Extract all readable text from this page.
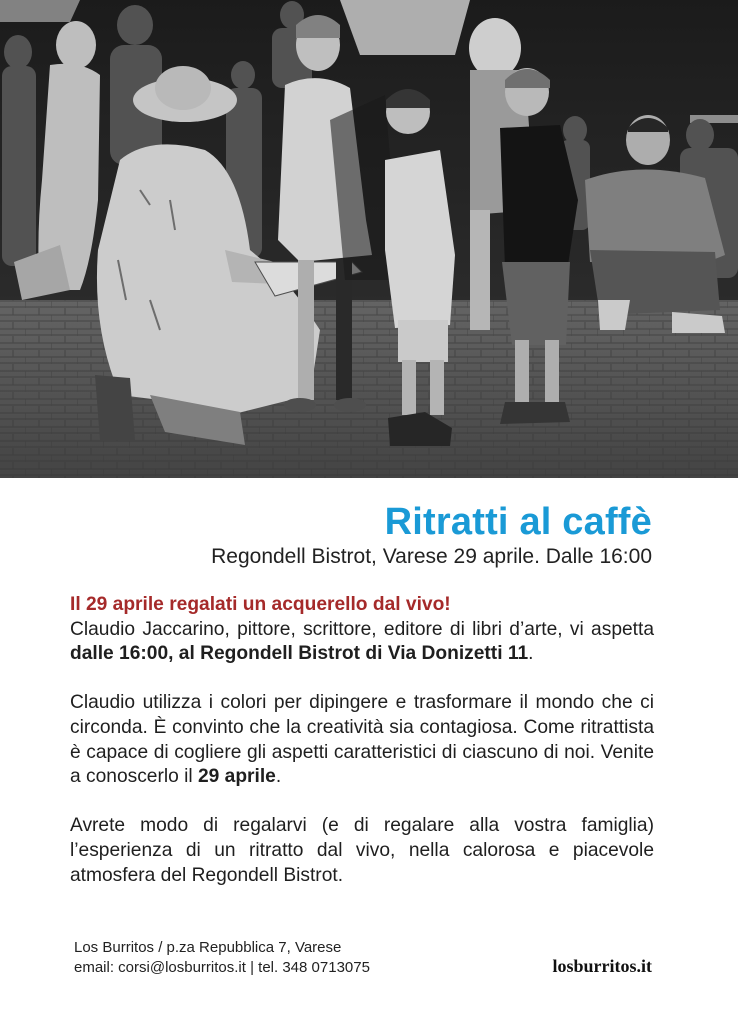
Ritratti al caffè
Regondell Bistrot, Varese 29 aprile. Dalle 16:00

Il 29 aprile regalati un acquerello dal vivo!

Claudio Jaccarino, pittore, scrittore, editore di libri d’arte, vi aspetta dalle 16:00, al Regondell Bistrot di Via Donizetti 11.

Claudio utilizza i colori per dipingere e trasformare il mondo che ci circonda. È convinto che la creatività sia contagiosa. Come ritrattista è capace di cogliere gli aspetti caratteristici di ciascuno di noi. Venite a conoscerlo il 29 aprile.

Avrete modo di regalarvi (e di regalare alla vostra famiglia) l’esperienza di un ritratto dal vivo, nella calorosa e piacevole atmosfera del Regondell Bistrot.

Los Burritos / p.za Repubblica 7, Varese
email: corsi@losburritos.it | tel. 348 0713075	losburritos.it
